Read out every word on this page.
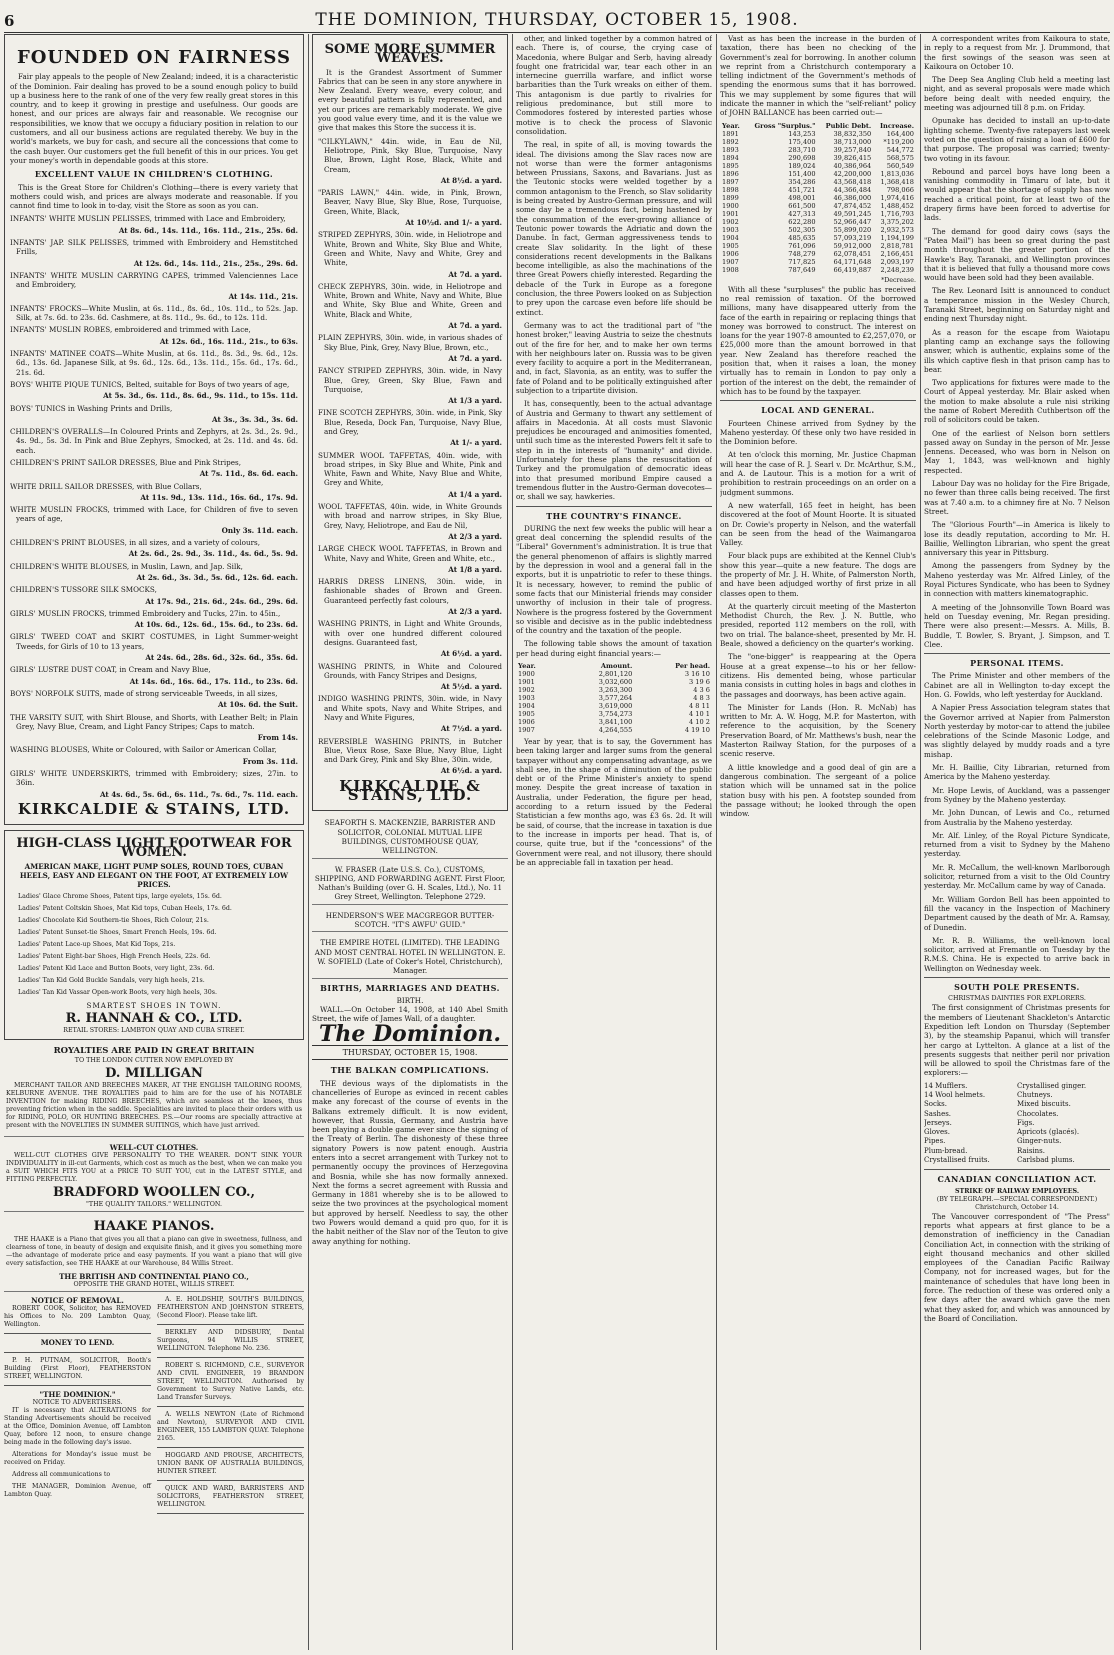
6	THE DOMINION, THURSDAY, OCTOBER 15, 1908.
FOUNDED ON FAIRNESS

Fair play appeals to the people of New Zealand; indeed, it is a characteristic of the Dominion. Fair dealing has proved to be a sound enough policy to build up a business here to the rank of one of the very few really great stores in this country, and to keep it growing in prestige and usefulness. Our goods are honest, and our prices are always fair and reasonable. We recognise our responsibilities, we know that we occupy a fiduciary position in relation to our customers, and all our business actions are regulated thereby. We buy in the world's markets, we buy for cash, and secure all the concessions that come to the cash buyer. Our customers get the full benefit of this in our prices. You get your money's worth in dependable goods at this store.

EXCELLENT VALUE IN CHILDREN'S CLOTHING.

This is the Great Store for Children's Clothing—there is every variety that mothers could wish, and prices are always moderate and reasonable. If you cannot find time to look in to-day, visit the Store as soon as you can.

INFANTS' WHITE MUSLIN PELISSES, trimmed with Lace and Embroidery,
At 8s. 6d., 14s. 11d., 16s. 11d., 21s., 25s. 6d.
INFANTS' JAP. SILK PELISSES, trimmed with Embroidery and Hemstitched Frills,
At 12s. 6d., 14s. 11d., 21s., 25s., 29s. 6d.
INFANTS' WHITE MUSLIN CARRYING CAPES, trimmed Valenciennes Lace and Embroidery,
At 14s. 11d., 21s.
INFANTS' FROCKS—White Muslin, at 6s. 11d., 8s. 6d., 10s. 11d., to 52s. Jap. Silk, at 7s. 6d. to 23s. 6d. Cashmere, at 8s. 11d., 9s. 6d., to 12s. 11d.
INFANTS' MUSLIN ROBES, embroidered and trimmed with Lace,
At 12s. 6d., 16s. 11d., 21s., to 63s.
INFANTS' MATINEE COATS—White Muslin, at 6s. 11d., 8s. 3d., 9s. 6d., 12s. 6d., 13s. 6d. Japanese Silk, at 9s. 6d., 12s. 6d., 13s. 11d., 15s. 6d., 17s. 6d., 21s. 6d.
BOYS' WHITE PIQUE TUNICS, Belted, suitable for Boys of two years of age,
At 5s. 3d., 6s. 11d., 8s. 6d., 9s. 11d., to 15s. 11d.
BOYS' TUNICS in Washing Prints and Drills,
At 3s., 3s. 3d., 3s. 6d.
CHILDREN'S OVERALLS—In Coloured Prints and Zephyrs, at 2s. 3d., 2s. 9d., 4s. 9d., 5s. 3d. In Pink and Blue Zephyrs, Smocked, at 2s. 11d. and 4s. 6d. each.
CHILDREN'S PRINT SAILOR DRESSES, Blue and Pink Stripes,
At 7s. 11d., 8s. 6d. each.
WHITE DRILL SAILOR DRESSES, with Blue Collars,
At 11s. 9d., 13s. 11d., 16s. 6d., 17s. 9d.
WHITE MUSLIN FROCKS, trimmed with Lace, for Children of five to seven years of age,
Only 3s. 11d. each.
CHILDREN'S PRINT BLOUSES, in all sizes, and a variety of colours,
At 2s. 6d., 2s. 9d., 3s. 11d., 4s. 6d., 5s. 9d.
CHILDREN'S WHITE BLOUSES, in Muslin, Lawn, and Jap. Silk,
At 2s. 6d., 3s. 3d., 5s. 6d., 12s. 6d. each.
CHILDREN'S TUSSORE SILK SMOCKS,
At 17s. 9d., 21s. 6d., 24s. 6d., 29s. 6d.
GIRLS' MUSLIN FROCKS, trimmed Embroidery and Tucks, 27in. to 45in.,
At 10s. 6d., 12s. 6d., 15s. 6d., to 23s. 6d.
GIRLS' TWEED COAT and SKIRT COSTUMES, in Light Summer-weight Tweeds, for Girls of 10 to 13 years,
At 24s. 6d., 28s. 6d., 32s. 6d., 35s. 6d.
GIRLS' LUSTRE DUST COAT, in Cream and Navy Blue,
At 14s. 6d., 16s. 6d., 17s. 11d., to 23s. 6d.
BOYS' NORFOLK SUITS, made of strong serviceable Tweeds, in all sizes,
At 10s. 6d. the Suit.
THE VARSITY SUIT, with Shirt Blouse, and Shorts, with Leather Belt; in Plain Grey, Navy Blue, Cream, and Light Fancy Stripes; Caps to match.
From 14s.
WASHING BLOUSES, White or Coloured, with Sailor or American Collar,
From 3s. 11d.
GIRLS' WHITE UNDERSKIRTS, trimmed with Embroidery; sizes, 27in. to 36in.
At 4s. 6d., 5s. 6d., 6s. 11d., 7s. 6d., 7s. 11d. each.
KIRKCALDIE & STAINS, LTD.
HIGH-CLASS LIGHT FOOTWEAR FOR WOMEN.
AMERICAN MAKE, LIGHT PUMP SOLES, ROUND TOES, CUBAN HEELS, EASY AND ELEGANT ON THE FOOT, AT EXTREMELY LOW PRICES.

Ladies' Glace Chrome Shoes, Patent tips, large eyelets, 15s. 6d.

Ladies' Patent Coltskin Shoes, Mat Kid tops, Cuban Heels, 17s. 6d.

Ladies' Chocolate Kid Southern-tie Shoes, Rich Colour, 21s.

Ladies' Patent Sunset-tie Shoes, Smart French Heels, 19s. 6d.

Ladies' Patent Lace-up Shoes, Mat Kid Tops, 21s.

Ladies' Patent Eight-bar Shoes, High French Heels, 22s. 6d.

Ladies' Patent Kid Lace and Button Boots, very light, 23s. 6d.

Ladies' Tan Kid Gold Buckle Sandals, very high heels, 21s.

Ladies' Tan Kid Vassar Open-work Boots, very high heels, 30s.

SMARTEST SHOES IN TOWN.
R. HANNAH & CO., LTD.
RETAIL STORES: LAMBTON QUAY AND CUBA STREET.
ROYALTIES ARE PAID IN GREAT BRITAIN
TO THE LONDON CUTTER NOW EMPLOYED BY
D. MILLIGAN

MERCHANT TAILOR AND BREECHES MAKER, AT THE ENGLISH TAILORING ROOMS, KELBURNE AVENUE. THE ROYALTIES paid to him are for the use of his NOTABLE INVENTION for making RIDING BREECHES, which are seamless at the knees, thus preventing friction when in the saddle. Specialities are invited to place their orders with us for RIDING, POLO, OR HUNTING BREECHES. P.S.—Our rooms are specially attractive at present with the NOVELTIES IN SUMMER SUITINGS, which have just arrived.

WELL-CUT CLOTHES.

WELL-CUT CLOTHES GIVE PERSONALITY TO THE WEARER. DON'T SINK YOUR INDIVIDUALITY in ill-cut Garments, which cost as much as the best, when we can make you a SUIT WHICH FITS YOU at a PRICE TO SUIT YOU, cut in the LATEST STYLE, and FITTING PERFECTLY.

BRADFORD WOOLLEN CO.,
"THE QUALITY TAILORS." WELLINGTON.
HAAKE PIANOS.

THE HAAKE is a Piano that gives you all that a piano can give in sweetness, fullness, and clearness of tone, in beauty of design and exquisite finish, and it gives you something more—the advantage of moderate price and easy payments. If you want a piano that will give every satisfaction, see THE HAAKE at our Warehouse, 84 Willis Street.

THE BRITISH AND CONTINENTAL PIANO CO.,
OPPOSITE THE GRAND HOTEL, WILLIS STREET.
NOTICE OF REMOVAL.

ROBERT COOK, Solicitor, has REMOVED his Offices to No. 209 Lambton Quay, Wellington.

MONEY TO LEND.

P. H. PUTNAM, SOLICITOR, Booth's Building (First Floor), FEATHERSTON STREET, WELLINGTON.

"THE DOMINION."
NOTICE TO ADVERTISERS.

IT is necessary that ALTERATIONS for Standing Advertisements should be received at the Office, Dominion Avenue, off Lambton Quay, before 12 noon, to ensure change being made in the following day's issue.

Alterations for Monday's issue must be received on Friday.

Address all communications to

THE MANAGER, Dominion Avenue, off Lambton Quay.

A. E. HOLDSHIP, SOUTH'S BUILDINGS, FEATHERSTON AND JOHNSTON STREETS, (Second Floor). Please take lift.

BERKLEY AND DIDSBURY, Dental Surgeons, 94 WILLIS STREET, WELLINGTON. Telephone No. 236.

ROBERT S. RICHMOND, C.E., SURVEYOR AND CIVIL ENGINEER, 19 BRANDON STREET, WELLINGTON. Authorised by Government to Survey Native Lands, etc. Land Transfer Surveys.

A. WELLS NEWTON (Late of Richmond and Newton), SURVEYOR AND CIVIL ENGINEER, 155 LAMBTON QUAY. Telephone 2165.

HOGGARD AND PROUSE, ARCHITECTS, UNION BANK OF AUSTRALIA BUILDINGS, HUNTER STREET.

QUICK AND WARD, BARRISTERS AND SOLICITORS, FEATHERSTON STREET, WELLINGTON.

SOME MORE SUMMER WEAVES.

It is the Grandest Assortment of Summer Fabrics that can be seen in any store anywhere in New Zealand. Every weave, every colour, and every beautiful pattern is fully represented, and yet our prices are remarkably moderate. We give you good value every time, and it is the value we give that makes this Store the success it is.

"CILKYLAWN," 44in. wide, in Eau de Nil, Heliotrope, Pink, Sky Blue, Turquoise, Navy Blue, Brown, Light Rose, Black, White and Cream,
At 8½d. a yard.
"PARIS LAWN," 44in. wide, in Pink, Brown, Beaver, Navy Blue, Sky Blue, Rose, Turquoise, Green, White, Black,
At 10½d. and 1/- a yard.
STRIPED ZEPHYRS, 30in. wide, in Heliotrope and White, Brown and White, Sky Blue and White, Green and White, Navy and White, Grey and White,
At 7d. a yard.
CHECK ZEPHYRS, 30in. wide, in Heliotrope and White, Brown and White, Navy and White, Blue and White, Sky Blue and White, Green and White, Black and White,
At 7d. a yard.
PLAIN ZEPHYRS, 30in. wide, in various shades of Sky Blue, Pink, Grey, Navy Blue, Brown, etc.,
At 7d. a yard.
FANCY STRIPED ZEPHYRS, 30in. wide, in Navy Blue, Grey, Green, Sky Blue, Fawn and Turquoise,
At 1/3 a yard.
FINE SCOTCH ZEPHYRS, 30in. wide, in Pink, Sky Blue, Reseda, Dock Fan, Turquoise, Navy Blue, and Grey,
At 1/- a yard.
SUMMER WOOL TAFFETAS, 40in. wide, with broad stripes, in Sky Blue and White, Pink and White, Fawn and White, Navy Blue and White, Grey and White,
At 1/4 a yard.
WOOL TAFFETAS, 40in. wide, in White Grounds with broad and narrow stripes, in Sky Blue, Grey, Navy, Heliotrope, and Eau de Nil,
At 2/3 a yard.
LARGE CHECK WOOL TAFFETAS, in Brown and White, Navy and White, Green and White, etc.,
At 1/8 a yard.
HARRIS DRESS LINENS, 30in. wide, in fashionable shades of Brown and Green. Guaranteed perfectly fast colours,
At 2/3 a yard.
WASHING PRINTS, in Light and White Grounds, with over one hundred different coloured designs. Guaranteed fast,
At 6½d. a yard.
WASHING PRINTS, in White and Coloured Grounds, with Fancy Stripes and Designs,
At 5½d. a yard.
INDIGO WASHING PRINTS, 30in. wide, in Navy and White spots, Navy and White Stripes, and Navy and White Figures,
At 7½d. a yard.
REVERSIBLE WASHING PRINTS, in Butcher Blue, Vieux Rose, Saxe Blue, Navy Blue, Light and Dark Grey, Pink and Sky Blue, 30in. wide,
At 6½d. a yard.
KIRKCALDIE & STAINS, LTD.
SEAFORTH S. MACKENZIE, BARRISTER AND SOLICITOR, COLONIAL MUTUAL LIFE BUILDINGS, CUSTOMHOUSE QUAY, WELLINGTON.
W. FRASER (Late U.S.S. Co.), CUSTOMS, SHIPPING, AND FORWARDING AGENT. First Floor, Nathan's Building (over G. H. Scales, Ltd.), No. 11 Grey Street, Wellington. Telephone 2729.
HENDERSON'S WEE MACGREGOR BUTTER-SCOTCH. "IT'S AWFU' GUID."
THE EMPIRE HOTEL (LIMITED). THE LEADING AND MOST CENTRAL HOTEL IN WELLINGTON. E. W. SOFIELD (Late of Coker's Hotel, Christchurch), Manager.
BIRTHS, MARRIAGES AND DEATHS.
BIRTH.

WALL.—On October 14, 1908, at 140 Abel Smith Street, the wife of James Wall, of a daughter.

The Dominion.
THURSDAY, OCTOBER 15, 1908.
THE BALKAN COMPLICATIONS.

THE devious ways of the diplomatists in the chancelleries of Europe as evinced in recent cables make any forecast of the course of events in the Balkans extremely difficult. It is now evident, however, that Russia, Germany, and Austria have been playing a double game ever since the signing of the Treaty of Berlin. The dishonesty of these three signatory Powers is now patent enough. Austria enters into a secret arrangement with Turkey not to permanently occupy the provinces of Herzegovina and Bosnia, while she has now formally annexed. Next the forms a secret agreement with Russia and Germany in 1881 whereby she is to be allowed to seize the two provinces at the psychological moment but approved by herself. Needless to say, the other two Powers would demand a quid pro quo, for it is the habit neither of the Slav nor of the Teuton to give away anything for nothing.

other, and linked together by a common hatred of each. There is, of course, the crying case of Macedonia, where Bulgar and Serb, having already fought one fratricidal war, tear each other in an internecine guerrilla warfare, and inflict worse barbarities than the Turk wreaks on either of them. This antagonism is due partly to rivalries for religious predominance, but still more to Commodores fostered by interested parties whose motive is to check the process of Slavonic consolidation.

The real, in spite of all, is moving towards the ideal. The divisions among the Slav races now are not worse than were the former antagonisms between Prussians, Saxons, and Bavarians. Just as the Teutonic stocks were welded together by a common antagonism to the French, so Slav solidarity is being created by Austro-German pressure, and will some day be a tremendous fact, being hastened by the consummation of the ever-growing alliance of Teutonic power towards the Adriatic and down the Danube. In fact, German aggressiveness tends to create Slav solidarity. In the light of these considerations recent developments in the Balkans become intelligible, as also the machinations of the three Great Powers chiefly interested. Regarding the debacle of the Turk in Europe as a foregone conclusion, the three Powers looked on as Subjection to prey upon the carcase even before life should be extinct.

Germany was to act the traditional part of "the honest broker," leaving Austria to seize the chestnuts out of the fire for her, and to make her own terms with her neighbours later on. Russia was to be given every facility to acquire a port in the Mediterranean, and, in fact, Slavonia, as an entity, was to suffer the fate of Poland and to be politically extinguished after subjection to a tripartite division.

It has, consequently, been to the actual advantage of Austria and Germany to thwart any settlement of affairs in Macedonia. At all costs must Slavonic prejudices be encouraged and animosities fomented, until such time as the interested Powers felt it safe to step in in the interests of "humanity" and divide. Unfortunately for these plans the resuscitation of Turkey and the promulgation of democratic ideas into that presumed moribund Empire caused a tremendous flutter in the Austro-German dovecotes—or, shall we say, hawkeries.

THE COUNTRY'S FINANCE.

DURING the next few weeks the public will hear a great deal concerning the splendid results of the "Liberal" Government's administration. It is true that the general phenomenon of affairs is slightly marred by the depression in wool and a general fall in the exports, but it is unpatriotic to refer to these things. It is necessary, however, to remind the public of some facts that our Ministerial friends may consider unworthy of inclusion in their tale of progress. Nowhere is the progress fostered by the Government so visible and decisive as in the public indebtedness of the country and the taxation of the people.

The following table shows the amount of taxation per head during eight financial years:—

Year.	Amount.	Per head.
1900	2,801,120	3 16 10
1901	3,032,600	3 19 6
1902	3,263,300	4 3 6
1903	3,577,264	4 8 3
1904	3,619,000	4 8 11
1905	3,754,273	4 10 1
1906	3,841,100	4 10 2
1907	4,264,555	4 19 10

Year by year, that is to say, the Government has been taking larger and larger sums from the general taxpayer without any compensating advantage, as we shall see, in the shape of a diminution of the public debt or of the Prime Minister's anxiety to spend money. Despite the great increase of taxation in Australia, under Federation, the figure per head, according to a return issued by the Federal Statistician a few months ago, was £3 6s. 2d. It will be said, of course, that the increase in taxation is due to the increase in imports per head. That is, of course, quite true, but if the "concessions" of the Government were real, and not illusory, there should be an appreciable fall in taxation per head.

Vast as has been the increase in the burden of taxation, there has been no checking of the Government's zeal for borrowing. In another column we reprint from a Christchurch contemporary a telling indictment of the Government's methods of spending the enormous sums that it has borrowed. This we may supplement by some figures that will indicate the manner in which the "self-reliant" policy of JOHN BALLANCE has been carried out:—

Year.	Gross "Surplus."	Public Debt.	Increase.
1891	143,253	38,832,350	164,400
1892	175,400	38,713,000	*119,200
1893	283,710	39,257,840	544,772
1894	290,698	39,826,415	568,575
1895	189,024	40,386,964	560,549
1896	151,400	42,200,000	1,813,036
1897	354,286	43,568,418	1,368,418
1898	451,721	44,366,484	798,066
1899	498,001	46,386,000	1,974,416
1900	661,500	47,874,452	1,488,452
1901	427,313	49,591,245	1,716,793
1902	622,280	52,966,447	3,375,202
1903	502,305	55,899,020	2,932,573
1904	485,635	57,093,219	1,194,199
1905	761,096	59,912,000	2,818,781
1906	748,279	62,078,451	2,166,451
1907	717,825	64,171,648	2,093,197
1908	787,649	66,419,887	2,248,239
*Decrease.

With all these "surpluses" the public has received no real remission of taxation. Of the borrowed millions, many have disappeared utterly from the face of the earth in repairing or replacing things that money was borrowed to construct. The interest on loans for the year 1907-8 amounted to £2,257,070, or £25,000 more than the amount borrowed in that year. New Zealand has therefore reached the position that, when it raises a loan, the money virtually has to remain in London to pay only a portion of the interest on the debt, the remainder of which has to be found by the taxpayer.

LOCAL AND GENERAL.

Fourteen Chinese arrived from Sydney by the Maheno yesterday. Of these only two have resided in the Dominion before.

At ten o'clock this morning, Mr. Justice Chapman will hear the case of R. J. Searl v. Dr. McArthur, S.M., and A. de Lautour. This is a motion for a writ of prohibition to restrain proceedings on an order on a judgment summons.

A new waterfall, 165 feet in height, has been discovered at the foot of Mount Hoorte. It is situated on Dr. Cowie's property in Nelson, and the waterfall can be seen from the head of the Waimangaroa Valley.

Four black pups are exhibited at the Kennel Club's show this year—quite a new feature. The dogs are the property of Mr. J. H. White, of Palmerston North, and have been adjudged worthy of first prize in all classes open to them.

At the quarterly circuit meeting of the Masterton Methodist Church, the Rev. J. N. Buttle, who presided, reported 112 members on the roll, with two on trial. The balance-sheet, presented by Mr. H. Beale, showed a deficiency on the quarter's working.

The "one-bigger" is reappearing at the Opera House at a great expense—to his or her fellow-citizens. His demented being, whose particular mania consists in cutting holes in bags and clothes in the passages and doorways, has been active again.

The Minister for Lands (Hon. R. McNab) has written to Mr. A. W. Hogg, M.P. for Masterton, with reference to the acquisition, by the Scenery Preservation Board, of Mr. Matthews's bush, near the Masterton Railway Station, for the purposes of a scenic reserve.

A little knowledge and a good deal of gin are a dangerous combination. The sergeant of a police station which will be unnamed sat in the police station busy with his pen. A footstep sounded from the passage without; he looked through the open window.

A correspondent writes from Kaikoura to state, in reply to a request from Mr. J. Drummond, that the first sowings of the season was seen at Kaikoura on October 10.

The Deep Sea Angling Club held a meeting last night, and as several proposals were made which before being dealt with needed enquiry, the meeting was adjourned till 8 p.m. on Friday.

Opunake has decided to install an up-to-date lighting scheme. Twenty-five ratepayers last week voted on the question of raising a loan of £600 for that purpose. The proposal was carried; twenty-two voting in its favour.

Rebound and parcel boys have long been a vanishing commodity in Timaru of late, but it would appear that the shortage of supply has now reached a critical point, for at least two of the drapery firms have been forced to advertise for lads.

The demand for good dairy cows (says the "Patea Mail") has been so great during the past month throughout the greater portion of the Hawke's Bay, Taranaki, and Wellington provinces that it is believed that fully a thousand more cows would have been sold had they been available.

The Rev. Leonard Isitt is announced to conduct a temperance mission in the Wesley Church, Taranaki Street, beginning on Saturday night and ending next Thursday night.

As a reason for the escape from Waiotapu planting camp an exchange says the following answer, which is authentic, explains some of the ills which captive flesh in that prison camp has to bear.

Two applications for fixtures were made to the Court of Appeal yesterday. Mr. Blair asked when the motion to make absolute a rule nisi striking the name of Robert Meredith Cuthbertson off the roll of solicitors could be taken.

One of the earliest of Nelson born settlers passed away on Sunday in the person of Mr. Jesse Jennens. Deceased, who was born in Nelson on May 1, 1843, was well-known and highly respected.

Labour Day was no holiday for the Fire Brigade, no fewer than three calls being received. The first was at 7.40 a.m. to a chimney fire at No. 7 Nelson Street.

The "Glorious Fourth"—in America is likely to lose its deadly reputation, according to Mr. H. Baillie, Wellington Librarian, who spent the great anniversary this year in Pittsburg.

Among the passengers from Sydney by the Maheno yesterday was Mr. Alfred Linley, of the Royal Pictures Syndicate, who has been to Sydney in connection with matters kinematographic.

A meeting of the Johnsonville Town Board was held on Tuesday evening, Mr. Regan presiding. There were also present:—Messrs. A. Mills, B. Buddle, T. Bowler, S. Bryant, J. Simpson, and T. Clee.

PERSONAL ITEMS.

The Prime Minister and other members of the Cabinet are all in Wellington to-day except the Hon. G. Fowlds, who left yesterday for Auckland.

A Napier Press Association telegram states that the Governor arrived at Napier from Palmerston North yesterday by motor-car to attend the jubilee celebrations of the Scinde Masonic Lodge, and was slightly delayed by muddy roads and a tyre mishap.

Mr. H. Baillie, City Librarian, returned from America by the Maheno yesterday.

Mr. Hope Lewis, of Auckland, was a passenger from Sydney by the Maheno yesterday.

Mr. John Duncan, of Lewis and Co., returned from Australia by the Maheno yesterday.

Mr. Alf. Linley, of the Royal Picture Syndicate, returned from a visit to Sydney by the Maheno yesterday.

Mr. R. McCallum, the well-known Marlborough solicitor, returned from a visit to the Old Country yesterday. Mr. McCallum came by way of Canada.

Mr. William Gordon Bell has been appointed to fill the vacancy in the Inspection of Machinery Department caused by the death of Mr. A. Ramsay, of Dunedin.

Mr. R. B. Williams, the well-known local solicitor, arrived at Fremantle on Tuesday by the R.M.S. China. He is expected to arrive back in Wellington on Wednesday week.

SOUTH POLE PRESENTS.
CHRISTMAS DAINTIES FOR EXPLORERS.

The first consignment of Christmas presents for the members of Lieutenant Shackleton's Antarctic Expedition left London on Thursday (September 3), by the steamship Papanui, which will transfer her cargo at Lyttelton. A glance at a list of the presents suggests that neither peril nor privation will be allowed to spoil the Christmas fare of the explorers:—

14 Mufflers.
14 Wool helmets.
Socks.
Sashes.
Jerseys.
Gloves.
Pipes.
Plum-bread.
Crystallised fruits.
Crystallised ginger.
Chutneys.
Mixed biscuits.
Chocolates.
Figs.
Apricots (glacés).
Ginger-nuts.
Raisins.
Carlsbad plums.
CANADIAN CONCILIATION ACT.
STRIKE OF RAILWAY EMPLOYEES.
(BY TELEGRAPH.—SPECIAL CORRESPONDENT.) Christchurch, October 14.

The Vancouver correspondent of "The Press" reports what appears at first glance to be a demonstration of inefficiency in the Canadian Conciliation Act, in connection with the striking of eight thousand mechanics and other skilled employees of the Canadian Pacific Railway Company, not for increased wages, but for the maintenance of schedules that have long been in force. The reduction of these was ordered only a few days after the award which gave the men what they asked for, and which was announced by the Board of Conciliation.
